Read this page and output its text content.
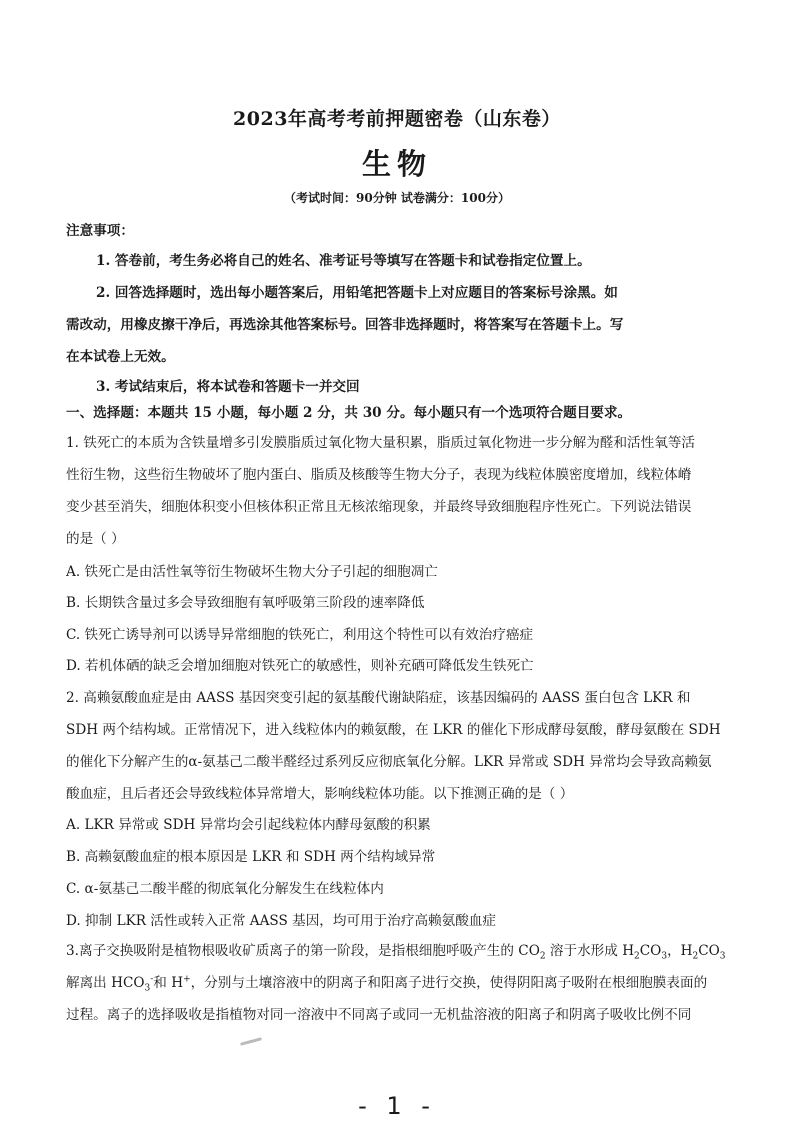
2023年高考考前押题密卷（山东卷）
生物
（考试时间：90分钟 试卷满分：100分）
注意事项：
1. 答卷前，考生务必将自己的姓名、准考证号等填写在答题卡和试卷指定位置上。
2. 回答选择题时，选出每小题答案后，用铅笔把答题卡上对应题目的答案标号涂黑。如
需改动，用橡皮擦干净后，再选涂其他答案标号。回答非选择题时，将答案写在答题卡上。写
在本试卷上无效。
3. 考试结束后，将本试卷和答题卡一并交回
一、选择题：本题共 15 小题，每小题 2 分，共 30 分。每小题只有一个选项符合题目要求。
1. 铁死亡的本质为含铁量增多引发膜脂质过氧化物大量积累，脂质过氧化物进一步分解为醛和活性氧等活
性衍生物，这些衍生物破坏了胞内蛋白、脂质及核酸等生物大分子，表现为线粒体膜密度增加，线粒体嵴
变少甚至消失，细胞体积变小但核体积正常且无核浓缩现象，并最终导致细胞程序性死亡。下列说法错误
的是（ ）
A. 铁死亡是由活性氧等衍生物破坏生物大分子引起的细胞凋亡
B. 长期铁含量过多会导致细胞有氧呼吸第三阶段的速率降低
C. 铁死亡诱导剂可以诱导异常细胞的铁死亡，利用这个特性可以有效治疗癌症
D. 若机体硒的缺乏会增加细胞对铁死亡的敏感性，则补充硒可降低发生铁死亡
2. 高赖氨酸血症是由 AASS 基因突变引起的氨基酸代谢缺陷症，该基因编码的 AASS 蛋白包含 LKR 和
SDH 两个结构域。正常情况下，进入线粒体内的赖氨酸，在 LKR 的催化下形成酵母氨酸，酵母氨酸在 SDH
的催化下分解产生的α-氨基己二酸半醛经过系列反应彻底氧化分解。LKR 异常或 SDH 异常均会导致高赖氨
酸血症，且后者还会导致线粒体异常增大，影响线粒体功能。以下推测正确的是（ ）
A. LKR 异常或 SDH 异常均会引起线粒体内酵母氨酸的积累
B. 高赖氨酸血症的根本原因是 LKR 和 SDH 两个结构域异常
C. α-氨基己二酸半醛的彻底氧化分解发生在线粒体内
D. 抑制 LKR 活性或转入正常 AASS 基因，均可用于治疗高赖氨酸血症
3.离子交换吸附是植物根吸收矿质离子的第一阶段，是指根细胞呼吸产生的 $CO_2$ 溶于水形成 $H_2CO_3$，$H_2CO_3$
解离出 $HCO_3^-$和 H+，分别与土壤溶液中的阴离子和阳离子进行交换，使得阴阳离子吸附在根细胞膜表面的
过程。离子的选择吸收是指植物对同一溶液中不同离子或同一无机盐溶液的阳离子和阴离子吸收比例不同
- 1 -
